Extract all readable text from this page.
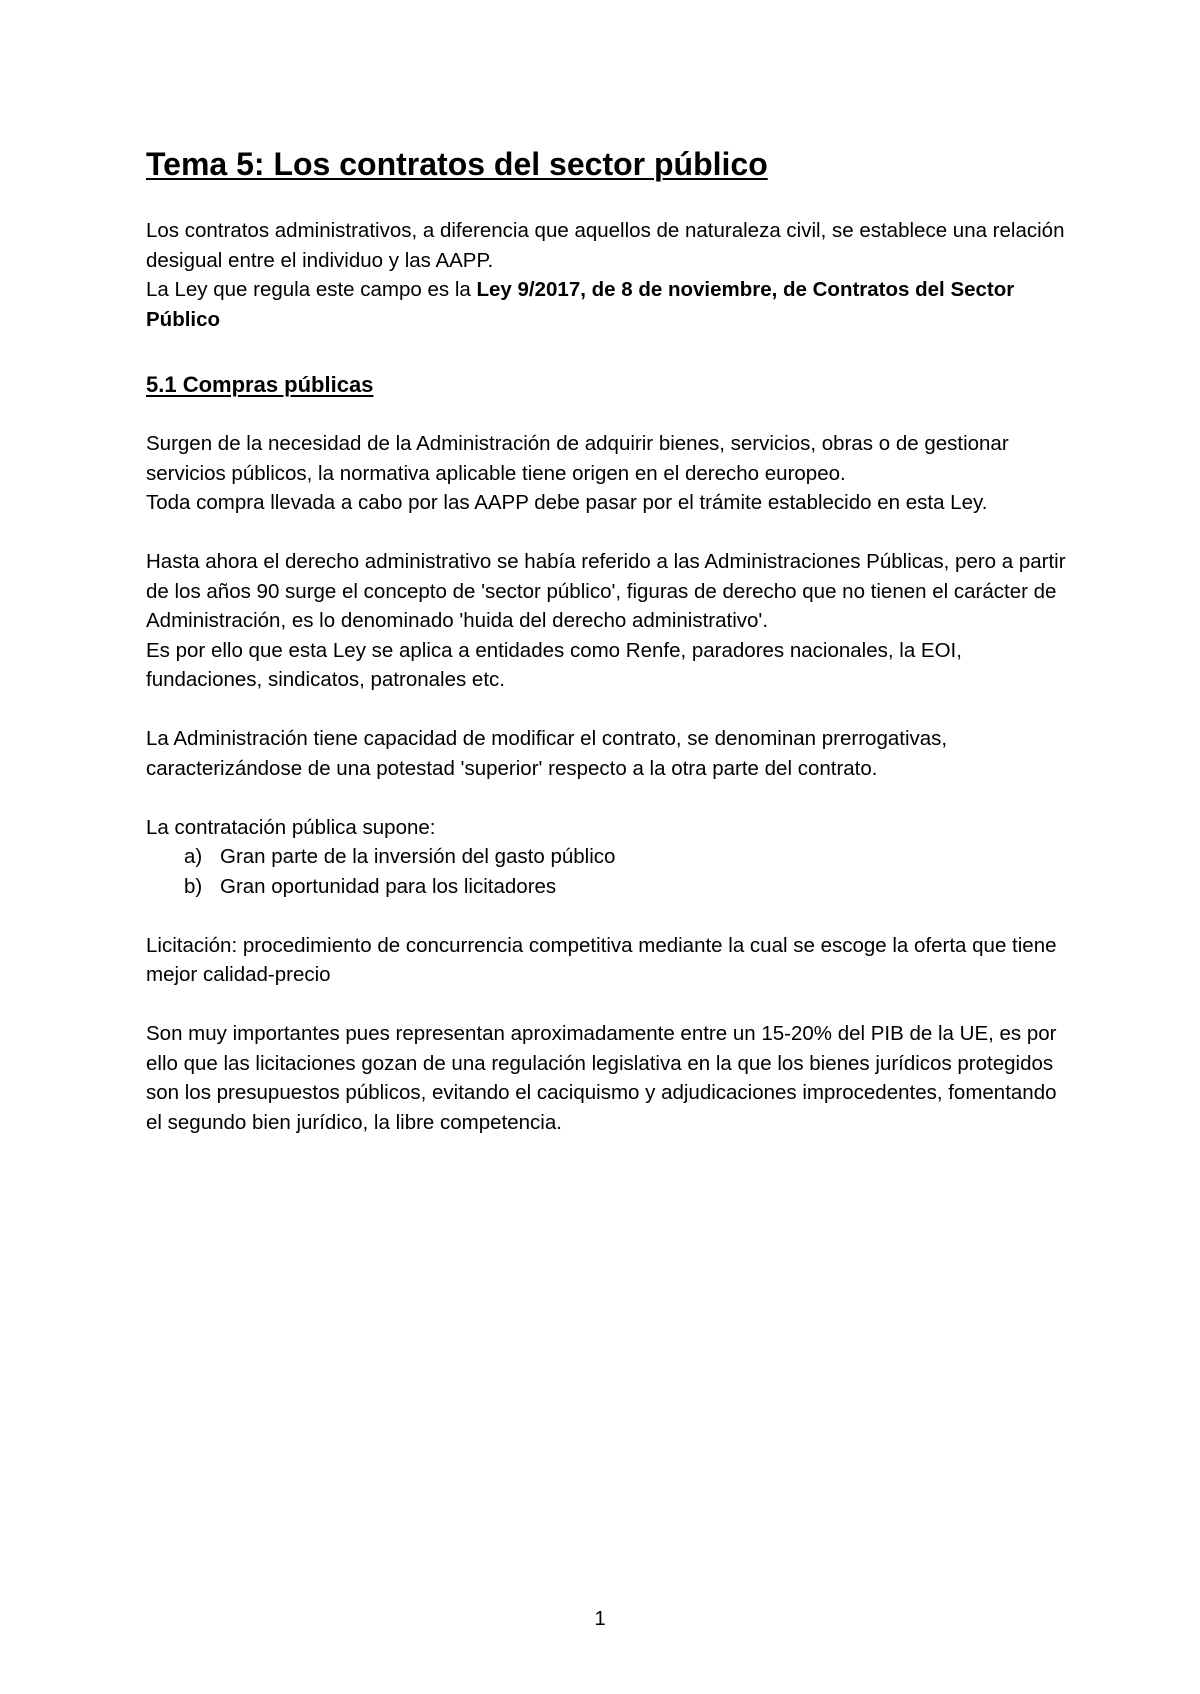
Tema 5: Los contratos del sector público

Los contratos administrativos, a diferencia que aquellos de naturaleza civil, se establece una relación desigual entre el individuo y las AAPP.

La Ley que regula este campo es la Ley 9/2017, de 8 de noviembre, de Contratos del Sector Público

5.1 Compras públicas

Surgen de la necesidad de la Administración de adquirir bienes, servicios, obras o de gestionar servicios públicos, la normativa aplicable tiene origen en el derecho europeo.

Toda compra llevada a cabo por las AAPP debe pasar por el trámite establecido en esta Ley.

Hasta ahora el derecho administrativo se había referido a las Administraciones Públicas, pero a partir de los años 90 surge el concepto de 'sector público', figuras de derecho que no tienen el carácter de Administración, es lo denominado 'huida del derecho administrativo'.

Es por ello que esta Ley se aplica a entidades como Renfe, paradores nacionales, la EOI, fundaciones, sindicatos, patronales etc.

La Administración tiene capacidad de modificar el contrato, se denominan prerrogativas, caracterizándose de una potestad 'superior' respecto a la otra parte del contrato.

La contratación pública supone:

a) Gran parte de la inversión del gasto público
b) Gran oportunidad para los licitadores

Licitación: procedimiento de concurrencia competitiva mediante la cual se escoge la oferta que tiene mejor calidad-precio

Son muy importantes pues representan aproximadamente entre un 15-20% del PIB de la UE, es por ello que las licitaciones gozan de una regulación legislativa en la que los bienes jurídicos protegidos son los presupuestos públicos, evitando el caciquismo y adjudicaciones improcedentes, fomentando el segundo bien jurídico, la libre competencia.

1
